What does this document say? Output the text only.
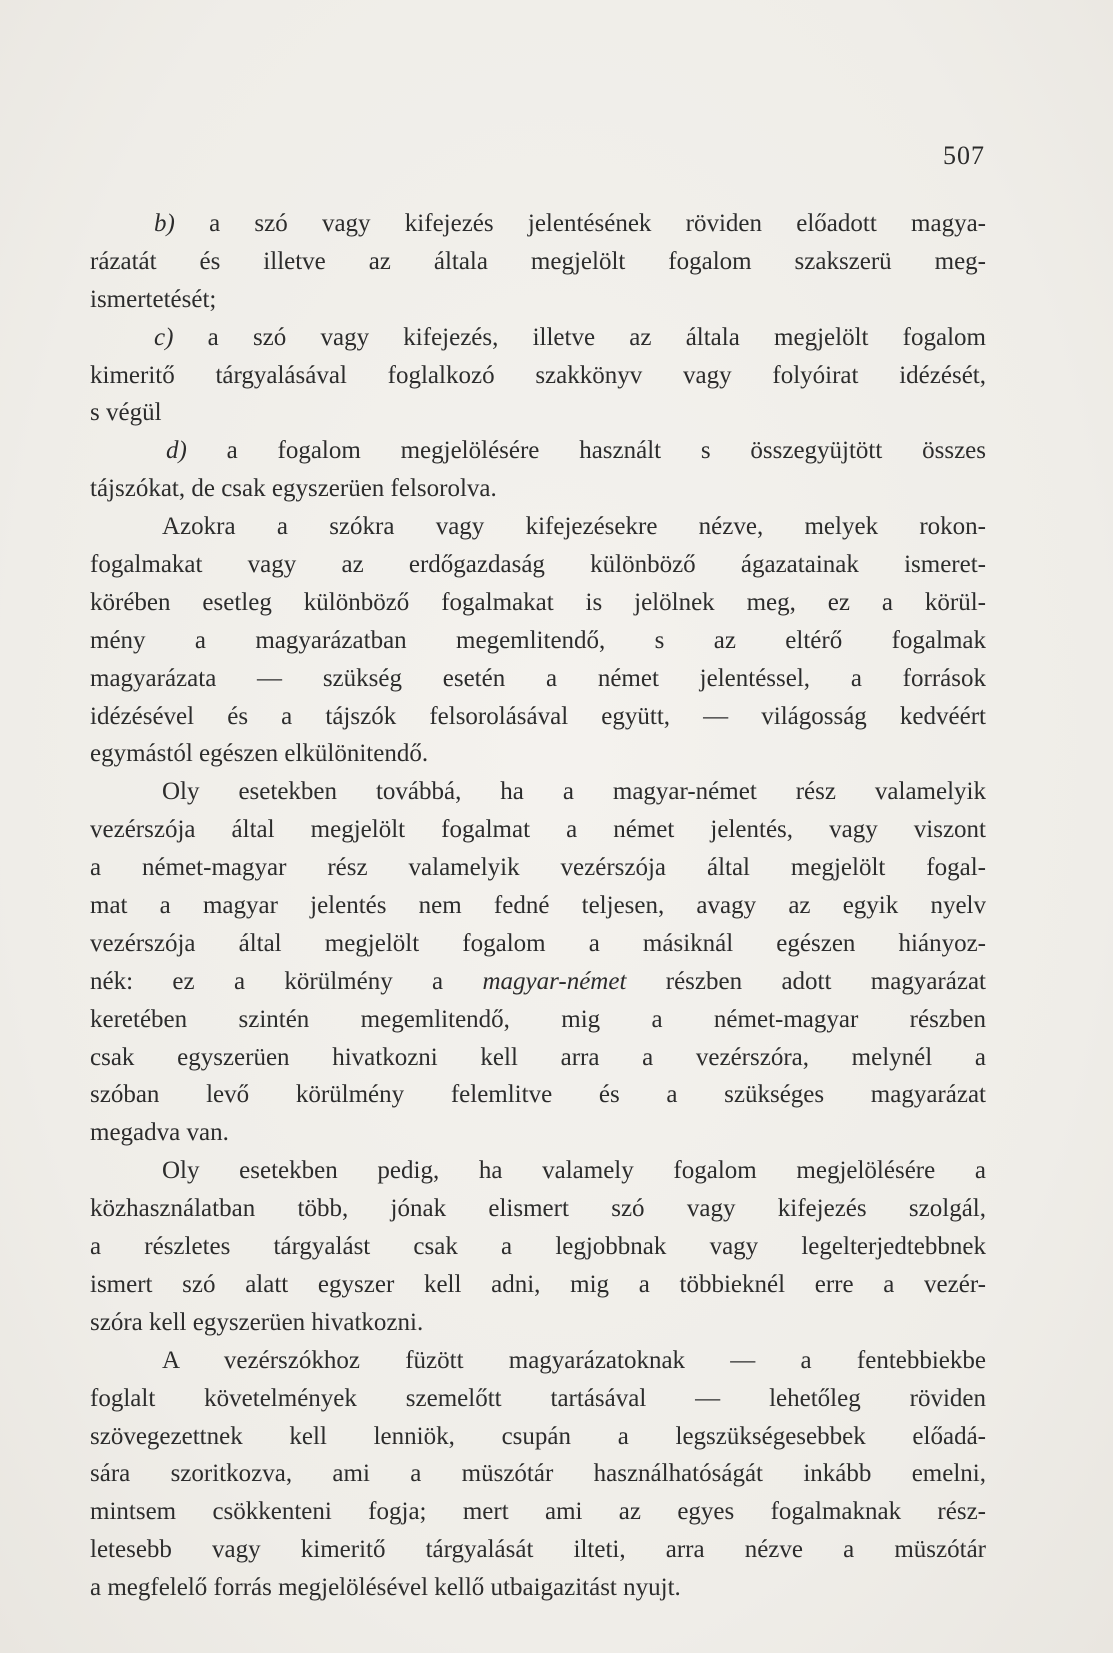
507
b) a szó vagy kifejezés jelentésének röviden előadott magya-
rázatát és illetve az általa megjelölt fogalom szakszerü meg-
ismertetését;
c) a szó vagy kifejezés, illetve az általa megjelölt fogalom
kimeritő tárgyalásával foglalkozó szakkönyv vagy folyóirat idézését,
s végül
d) a fogalom megjelölésére használt s összegyüjtött összes
tájszókat, de csak egyszerüen felsorolva.
Azokra a szókra vagy kifejezésekre nézve, melyek rokon-
fogalmakat vagy az erdőgazdaság különböző ágazatainak ismeret-
körében esetleg különböző fogalmakat is jelölnek meg, ez a körül-
mény a magyarázatban megemlitendő, s az eltérő fogalmak
magyarázata — szükség esetén a német jelentéssel, a források
idézésével és a tájszók felsorolásával együtt, — világosság kedvéért
egymástól egészen elkülönitendő.
Oly esetekben továbbá, ha a magyar-német rész valamelyik
vezérszója által megjelölt fogalmat a német jelentés, vagy viszont
a német-magyar rész valamelyik vezérszója által megjelölt fogal-
mat a magyar jelentés nem fedné teljesen, avagy az egyik nyelv
vezérszója által megjelölt fogalom a másiknál egészen hiányoz-
nék: ez a körülmény a magyar-német részben adott magyarázat
keretében szintén megemlitendő, mig a német-magyar részben
csak egyszerüen hivatkozni kell arra a vezérszóra, melynél a
szóban levő körülmény felemlitve és a szükséges magyarázat
megadva van.
Oly esetekben pedig, ha valamely fogalom megjelölésére a
közhasználatban több, jónak elismert szó vagy kifejezés szolgál,
a részletes tárgyalást csak a legjobbnak vagy legelterjedtebbnek
ismert szó alatt egyszer kell adni, mig a többieknél erre a vezér-
szóra kell egyszerüen hivatkozni.
A vezérszókhoz füzött magyarázatoknak — a fentebbiekbe
foglalt követelmények szemelőtt tartásával — lehetőleg röviden
szövegezettnek kell lenniök, csupán a legszükségesebbek előadá-
sára szoritkozva, ami a müszótár használhatóságát inkább emelni,
mintsem csökkenteni fogja; mert ami az egyes fogalmaknak rész-
letesebb vagy kimeritő tárgyalását ilteti, arra nézve a müszótár
a megfelelő forrás megjelölésével kellő utbaigazitást nyujt.
